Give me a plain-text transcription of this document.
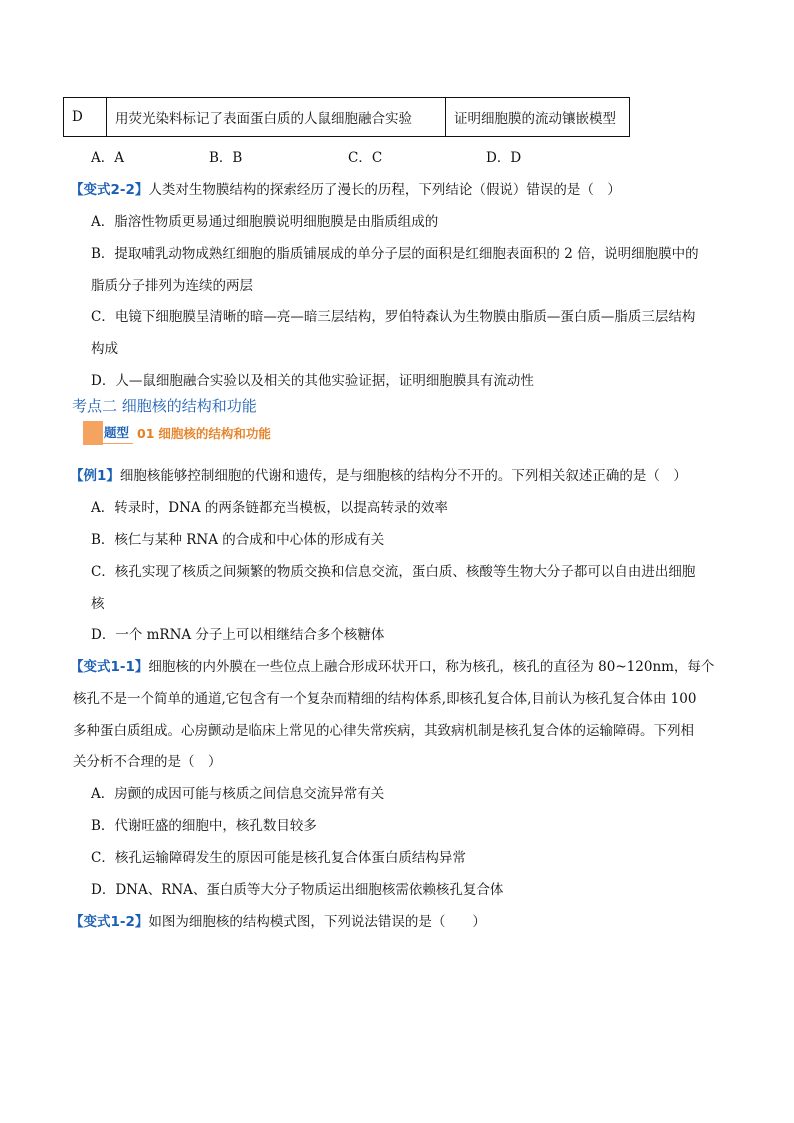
D	用荧光染料标记了表面蛋白质的人鼠细胞融合实验	证明细胞膜的流动镶嵌模型
A．A	B．B	C．C	D．D
【变式2-2】人类对生物膜结构的探索经历了漫长的历程，下列结论（假说）错误的是（　）
A．脂溶性物质更易通过细胞膜说明细胞膜是由脂质组成的
B．提取哺乳动物成熟红细胞的脂质铺展成的单分子层的面积是红细胞表面积的 2 倍，说明细胞膜中的
脂质分子排列为连续的两层
C．电镜下细胞膜呈清晰的暗—亮—暗三层结构，罗伯特森认为生物膜由脂质—蛋白质—脂质三层结构
构成
D．人—鼠细胞融合实验以及相关的其他实验证据，证明细胞膜具有流动性
考点二 细胞核的结构和功能
题型 01 细胞核的结构和功能
【例1】细胞核能够控制细胞的代谢和遗传，是与细胞核的结构分不开的。下列相关叙述正确的是（　）
A．转录时，DNA 的两条链都充当模板，以提高转录的效率
B．核仁与某种 RNA 的合成和中心体的形成有关
C．核孔实现了核质之间频繁的物质交换和信息交流，蛋白质、核酸等生物大分子都可以自由进出细胞
核
D．一个 mRNA 分子上可以相继结合多个核糖体
【变式1-1】细胞核的内外膜在一些位点上融合形成环状开口，称为核孔，核孔的直径为 80~120nm，每个
核孔不是一个简单的通道,它包含有一个复杂而精细的结构体系,即核孔复合体,目前认为核孔复合体由 100
多种蛋白质组成。心房颤动是临床上常见的心律失常疾病，其致病机制是核孔复合体的运输障碍。下列相
关分析不合理的是（　）
A．房颤的成因可能与核质之间信息交流异常有关
B．代谢旺盛的细胞中，核孔数目较多
C．核孔运输障碍发生的原因可能是核孔复合体蛋白质结构异常
D．DNA、RNA、蛋白质等大分子物质运出细胞核需依赖核孔复合体
【变式1-2】如图为细胞核的结构模式图，下列说法错误的是（　　）
